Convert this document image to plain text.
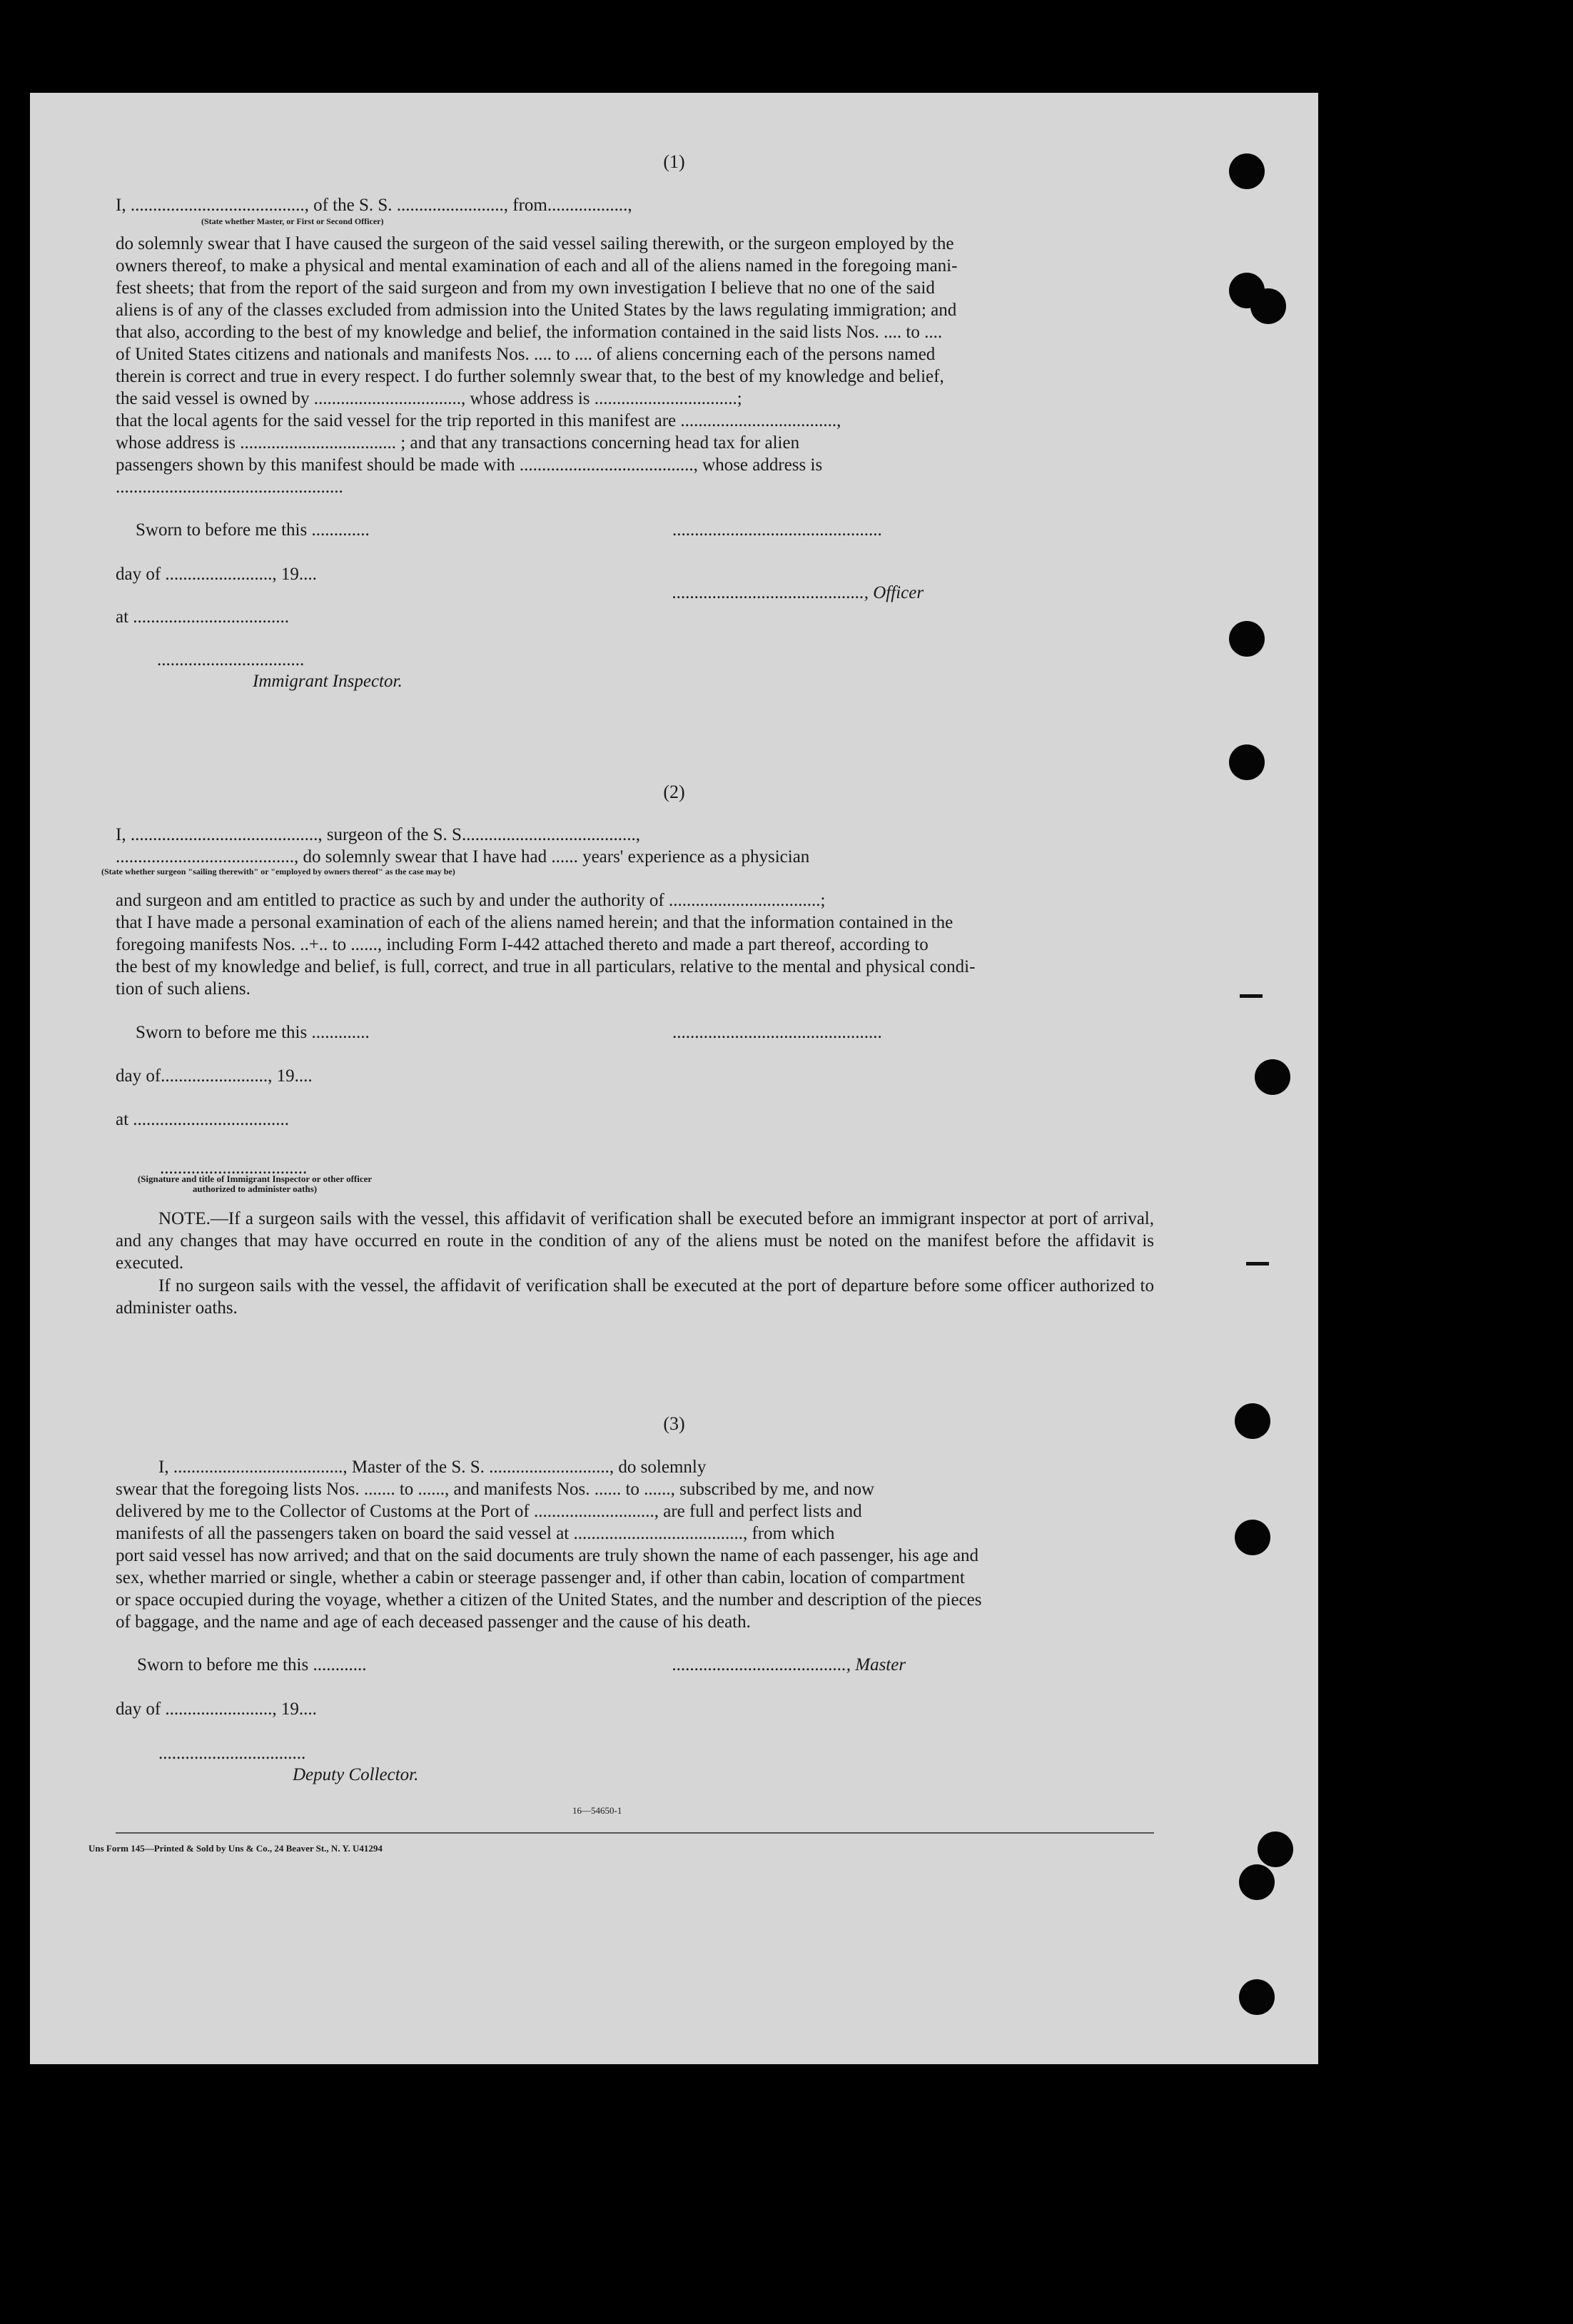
(1)
I, ......................................., of the S. S. ........................, from..................,
(State whether Master, or First or Second Officer)

do solemnly swear that I have caused the surgeon of the said vessel sailing therewith, or the surgeon employed by the

owners thereof, to make a physical and mental examination of each and all of the aliens named in the foregoing mani-

fest sheets; that from the report of the said surgeon and from my own investigation I believe that no one of the said

aliens is of any of the classes excluded from admission into the United States by the laws regulating immigration; and

that also, according to the best of my knowledge and belief, the information contained in the said lists Nos. .... to ....

of United States citizens and nationals and manifests Nos. .... to .... of aliens concerning each of the persons named

therein is correct and true in every respect. I do further solemnly swear that, to the best of my knowledge and belief,

the said vessel is owned by ................................., whose address is ................................;

that the local agents for the said vessel for the trip reported in this manifest are ...................................,

whose address is ................................... ; and that any transactions concerning head tax for alien

passengers shown by this manifest should be made with ......................................., whose address is

...................................................

Sworn to before me this .............	...............................................
day of ........................, 19....
..........................................., Officer
at ...................................
.................................
Immigrant Inspector.
(2)
I, .........................................., surgeon of the S. S.......................................,
........................................, do solemnly swear that I have had ...... years' experience as a physician
(State whether surgeon "sailing therewith" or "employed by owners thereof" as the case may be)

and surgeon and am entitled to practice as such by and under the authority of ..................................;

that I have made a personal examination of each of the aliens named herein; and that the information contained in the

foregoing manifests Nos. ..+.. to ......, including Form I-442 attached thereto and made a part thereof, according to

the best of my knowledge and belief, is full, correct, and true in all particulars, relative to the mental and physical condi-

tion of such aliens.

Sworn to before me this .............	...............................................
day of........................, 19....
at ...................................
.................................
(Signature and title of Immigrant Inspector or other officer authorized to administer oaths)
NOTE.—If a surgeon sails with the vessel, this affidavit of verification shall be executed before an immigrant inspector at port of arrival, and any changes that may have occurred en route in the condition of any of the aliens must be noted on the manifest before the affidavit is executed.
If no surgeon sails with the vessel, the affidavit of verification shall be executed at the port of departure before some officer authorized to administer oaths.
(3)

I, ......................................, Master of the S. S. ..........................., do solemnly

swear that the foregoing lists Nos. ....... to ......, and manifests Nos. ...... to ......, subscribed by me, and now

delivered by me to the Collector of Customs at the Port of ..........................., are full and perfect lists and

manifests of all the passengers taken on board the said vessel at ......................................, from which

port said vessel has now arrived; and that on the said documents are truly shown the name of each passenger, his age and

sex, whether married or single, whether a cabin or steerage passenger and, if other than cabin, location of compartment

or space occupied during the voyage, whether a citizen of the United States, and the number and description of the pieces

of baggage, and the name and age of each deceased passenger and the cause of his death.

Sworn to before me this ............	......................................., Master
day of ........................, 19....
.................................
Deputy Collector.
16—54650-1
Uns Form 145—Printed & Sold by Uns & Co., 24 Beaver St., N. Y. U41294
